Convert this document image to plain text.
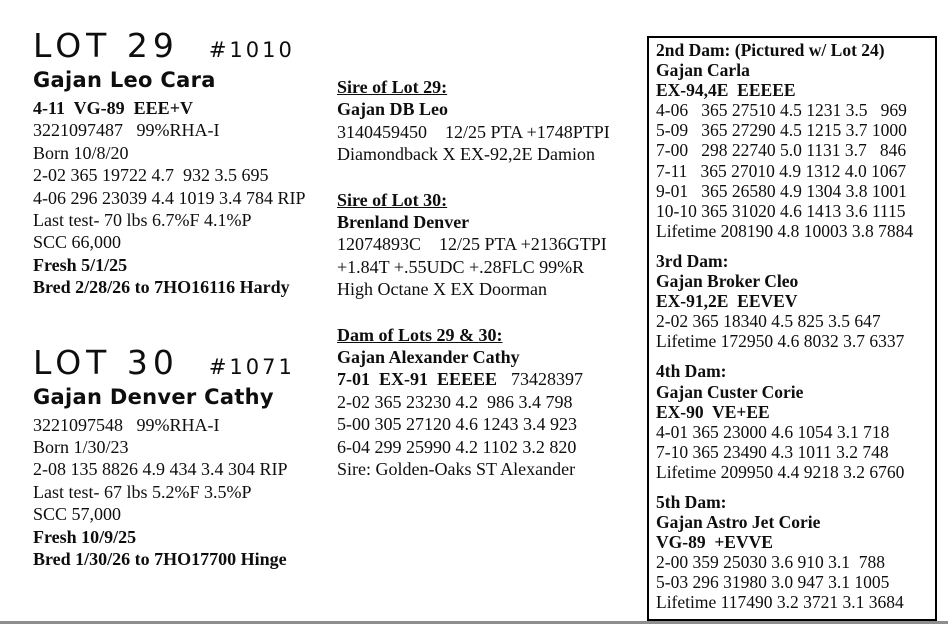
LOT 29 #1010
Gajan Leo Cara
4-11  VG-89  EEE+V
3221097487   99%RHA-I
Born 10/8/20
2-02 365 19722 4.7  932 3.5 695
4-06 296 23039 4.4 1019 3.4 784 RIP
Last test- 70 lbs 6.7%F 4.1%P
SCC 66,000
Fresh 5/1/25
Bred 2/28/26 to 7HO16116 Hardy
LOT 30 #1071
Gajan Denver Cathy
3221097548   99%RHA-I
Born 1/30/23
2-08 135 8826 4.9 434 3.4 304 RIP
Last test- 67 lbs 5.2%F 3.5%P
SCC 57,000
Fresh 10/9/25
Bred 1/30/26 to 7HO17700 Hinge
Sire of Lot 29:
Gajan DB Leo
3140459450    12/25 PTA +1748PTPI
Diamondback X EX-92,2E Damion
Sire of Lot 30:
Brenland Denver
12074893C    12/25 PTA +2136GTPI
+1.84T +.55UDC +.28FLC 99%R
High Octane X EX Doorman
Dam of Lots 29 & 30:
Gajan Alexander Cathy
7-01  EX-91  EEEEE 73428397
2-02 365 23230 4.2  986 3.4 798
5-00 305 27120 4.6 1243 3.4 923
6-04 299 25990 4.2 1102 3.2 820
Sire: Golden-Oaks ST Alexander
2nd Dam: (Pictured w/ Lot 24)
Gajan Carla
EX-94,4E  EEEEE
4-06   365 27510 4.5 1231 3.5   969
5-09   365 27290 4.5 1215 3.7 1000
7-00   298 22740 5.0 1131 3.7   846
7-11   365 27010 4.9 1312 4.0 1067
9-01   365 26580 4.9 1304 3.8 1001
10-10 365 31020 4.6 1413 3.6 1115
Lifetime 208190 4.8 10003 3.8 7884
3rd Dam:
Gajan Broker Cleo
EX-91,2E  EEVEV
2-02 365 18340 4.5 825 3.5 647
Lifetime 172950 4.6 8032 3.7 6337
4th Dam:
Gajan Custer Corie
EX-90  VE+EE
4-01 365 23000 4.6 1054 3.1 718
7-10 365 23490 4.3 1011 3.2 748
Lifetime 209950 4.4 9218 3.2 6760
5th Dam:
Gajan Astro Jet Corie
VG-89  +EVVE
2-00 359 25030 3.6 910 3.1  788
5-03 296 31980 3.0 947 3.1 1005
Lifetime 117490 3.2 3721 3.1 3684
